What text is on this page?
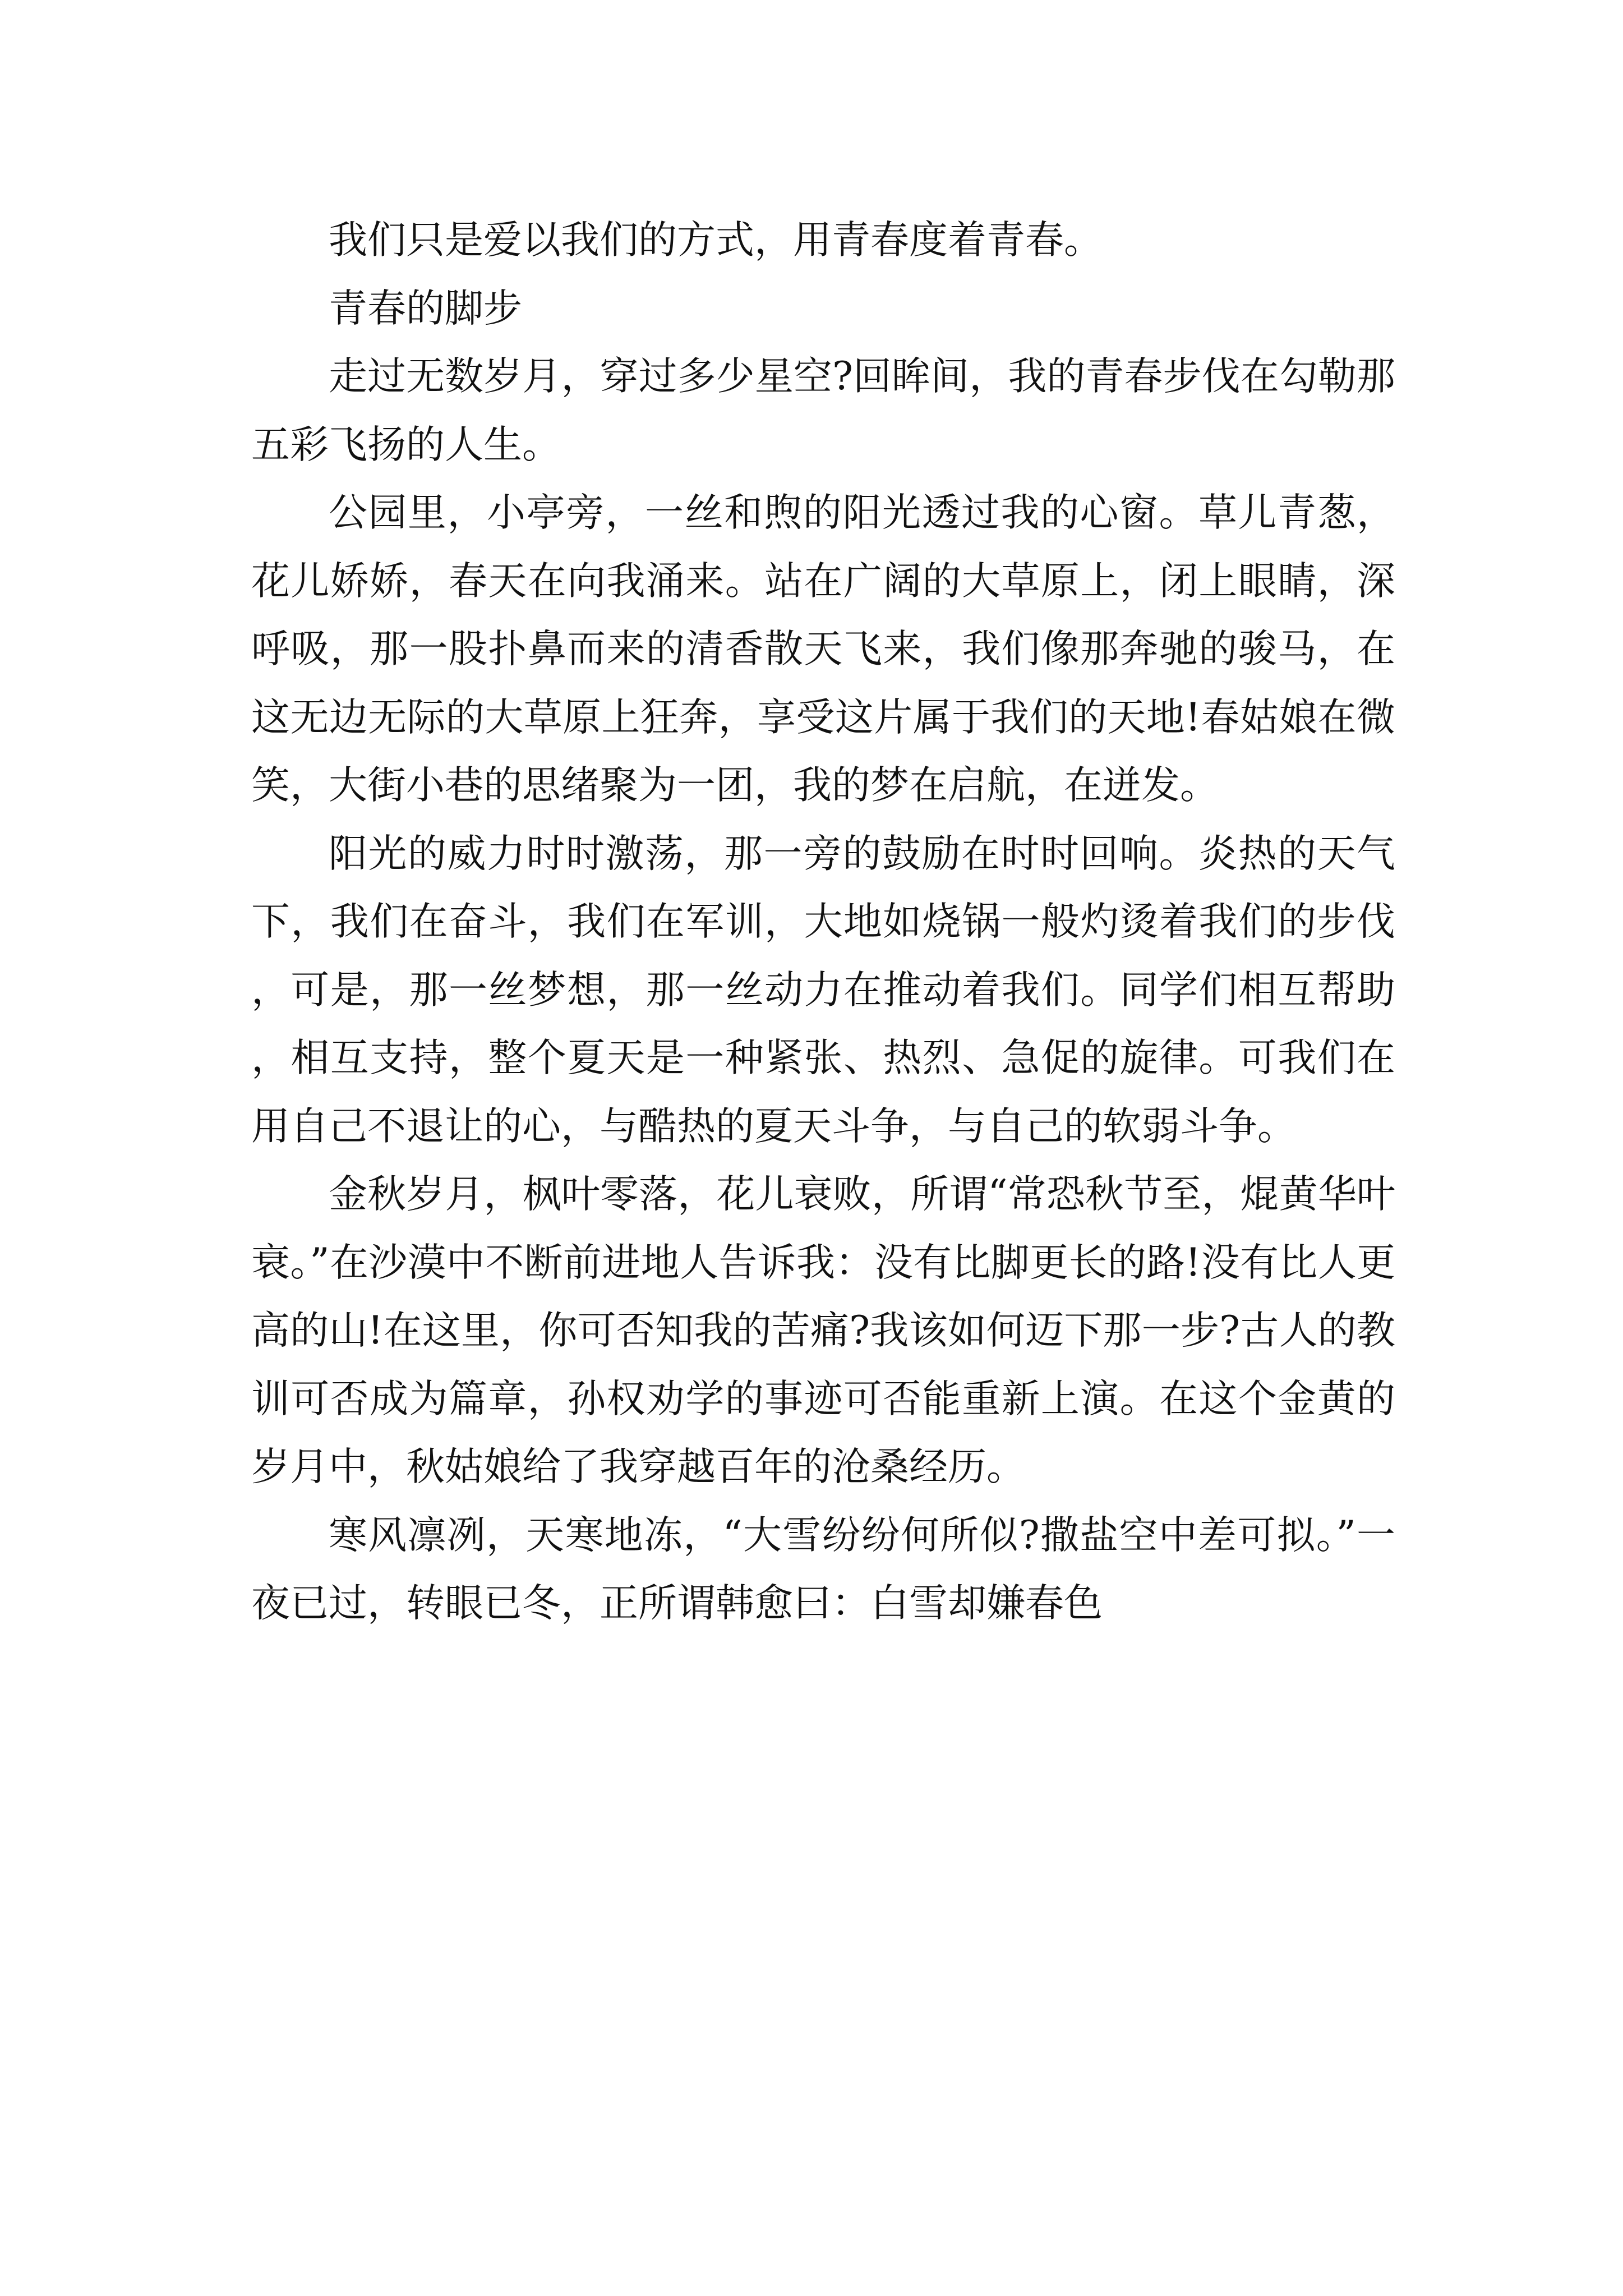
我们只是爱以我们的方式，用青春度着青春。

青春的脚步

走过无数岁月，穿过多少星空?回眸间，我的青春步伐在勾勒那五彩飞扬的人生。

公园里，小亭旁，一丝和煦的阳光透过我的心窗。草儿青葱，花儿娇娇，春天在向我涌来。站在广阔的大草原上，闭上眼睛，深呼吸，那一股扑鼻而来的清香散天飞来，我们像那奔驰的骏马，在这无边无际的大草原上狂奔，享受这片属于我们的天地!春姑娘在微笑，大街小巷的思绪聚为一团，我的梦在启航，在迸发。

阳光的威力时时激荡，那一旁的鼓励在时时回响。炎热的天气下，我们在奋斗，我们在军训，大地如烧锅一般灼烫着我们的步伐，可是，那一丝梦想，那一丝动力在推动着我们。同学们相互帮助，相互支持，整个夏天是一种紧张、热烈、急促的旋律。可我们在用自己不退让的心，与酷热的夏天斗争，与自己的软弱斗争。

金秋岁月，枫叶零落，花儿衰败，所谓“常恐秋节至，焜黄华叶衰。”在沙漠中不断前进地人告诉我：没有比脚更长的路!没有比人更高的山!在这里，你可否知我的苦痛?我该如何迈下那一步?古人的教训可否成为篇章，孙权劝学的事迹可否能重新上演。在这个金黄的岁月中，秋姑娘给了我穿越百年的沧桑经历。

寒风凛冽，天寒地冻，“大雪纷纷何所似?撒盐空中差可拟。”一夜已过，转眼已冬，正所谓韩愈曰：白雪却嫌春色
